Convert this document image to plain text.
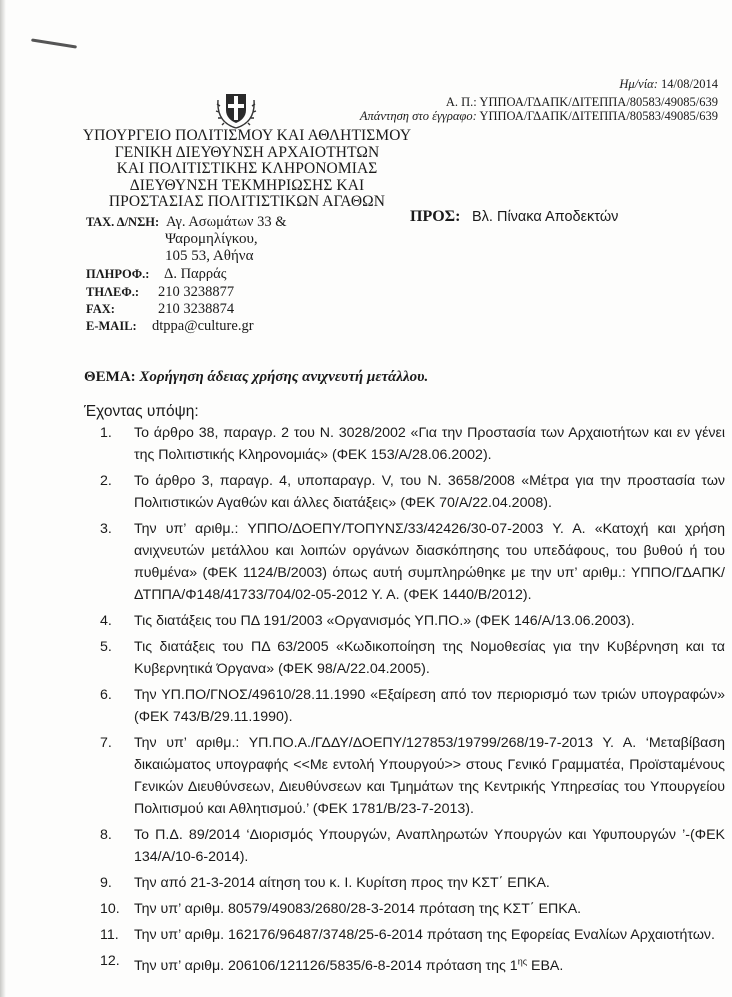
Ημ/νία: 14/08/2014
Α. Π.: ΥΠΠΟΑ/ΓΔΑΠΚ/ΔΙΤΕΠΠΑ/80583/49085/639
Απάντηση στο έγγραφο: ΥΠΠΟΑ/ΓΔΑΠΚ/ΔΙΤΕΠΠΑ/80583/49085/639
ΥΠΟΥΡΓΕΙΟ ΠΟΛΙΤΙΣΜΟΥ ΚΑΙ ΑΘΛΗΤΙΣΜΟΥ
ΓΕΝΙΚΗ ΔΙΕΥΘΥΝΣΗ ΑΡΧΑΙΟΤΗΤΩΝ
ΚΑΙ ΠΟΛΙΤΙΣΤΙΚΗΣ ΚΛΗΡΟΝΟΜΙΑΣ
ΔΙΕΥΘΥΝΣΗ ΤΕΚΜΗΡΙΩΣΗΣ ΚΑΙ
ΠΡΟΣΤΑΣΙΑΣ ΠΟΛΙΤΙΣΤΙΚΩΝ ΑΓΑΘΩΝ
ΤΑΧ. Δ/ΝΣΗ: Αγ. Ασωμάτων 33 &
Ψαρομηλίγκου,
105 53, Αθήνα
ΠΛΗΡΟΦ.: Δ. Παρράς
ΤΗΛΕΦ.: 210 3238877
FAX:	210 3238874
E-MAIL: dtppa@culture.gr
ΠΡΟΣ: Βλ. Πίνακα Αποδεκτών
ΘΕΜΑ: Χορήγηση άδειας χρήσης ανιχνευτή μετάλλου.
Έχοντας υπόψη:
1.	Το άρθρο 38, παραγρ. 2 του Ν. 3028/2002 «Για την Προστασία των Αρχαιοτήτων και εν γένει της Πολιτιστικής Κληρονομιάς» (ΦΕΚ 153/Α/28.06.2002).
2.	Το άρθρο 3, παραγρ. 4, υποπαραγρ. V, του Ν. 3658/2008 «Μέτρα για την προστασία των Πολιτιστικών Αγαθών και άλλες διατάξεις» (ΦΕΚ 70/Α/22.04.2008).
3.	Την υπ’ αριθμ.: ΥΠΠΟ/ΔΟΕΠΥ/ΤΟΠΥΝΣ/33/42426/30-07-2003 Υ. Α. «Κατοχή και χρήση ανιχνευτών μετάλλου και λοιπών οργάνων διασκόπησης του υπεδάφους, του βυθού ή του πυθμένα» (ΦΕΚ 1124/Β/2003) όπως αυτή συμπληρώθηκε με την υπ’ αριθμ.: ΥΠΠΟ/ΓΔΑΠΚ/ΔΤΠΠΑ/Φ148/41733/704/02-05-2012 Υ. Α. (ΦΕΚ 1440/Β/2012).
4.	Τις διατάξεις του ΠΔ 191/2003 «Οργανισμός ΥΠ.ΠΟ.» (ΦΕΚ 146/Α/13.06.2003).
5.	Τις διατάξεις του ΠΔ 63/2005 «Κωδικοποίηση της Νομοθεσίας για την Κυβέρνηση και τα Κυβερνητικά Όργανα» (ΦΕΚ 98/Α/22.04.2005).
6.	Την ΥΠ.ΠΟ/ΓΝΟΣ/49610/28.11.1990 «Εξαίρεση από τον περιορισμό των τριών υπογραφών» (ΦΕΚ 743/Β/29.11.1990).
7.	Την υπ’ αριθμ.: ΥΠ.ΠΟ.Α./ΓΔΔΥ/ΔΟΕΠΥ/127853/19799/268/19-7-2013 Υ. Α. ‘Μεταβίβαση δικαιώματος υπογραφής <<Με εντολή Υπουργού>> στους Γενικό Γραμματέα, Προϊσταμένους Γενικών Διευθύνσεων, Διευθύνσεων και Τμημάτων της Κεντρικής Υπηρεσίας του Υπουργείου Πολιτισμού και Αθλητισμού.’ (ΦΕΚ 1781/Β/23-7-2013).
8.	Το Π.Δ. 89/2014 ‘Διορισμός Υπουργών, Αναπληρωτών Υπουργών και Υφυπουργών ’-(ΦΕΚ 134/Α/10-6-2014).
9.	Την από 21-3-2014 αίτηση του κ. Ι. Κυρίτση προς την ΚΣΤ΄ ΕΠΚΑ.
10.	Την υπ’ αριθμ. 80579/49083/2680/28-3-2014 πρόταση της ΚΣΤ΄ ΕΠΚΑ.
11.	Την υπ’ αριθμ. 162176/96487/3748/25-6-2014 πρόταση της Εφορείας Εναλίων Αρχαιοτήτων.
12.	Την υπ’ αριθμ. 206106/121126/5835/6-8-2014 πρόταση της $1^{\eta\varsigma}$ ΕΒΑ.
